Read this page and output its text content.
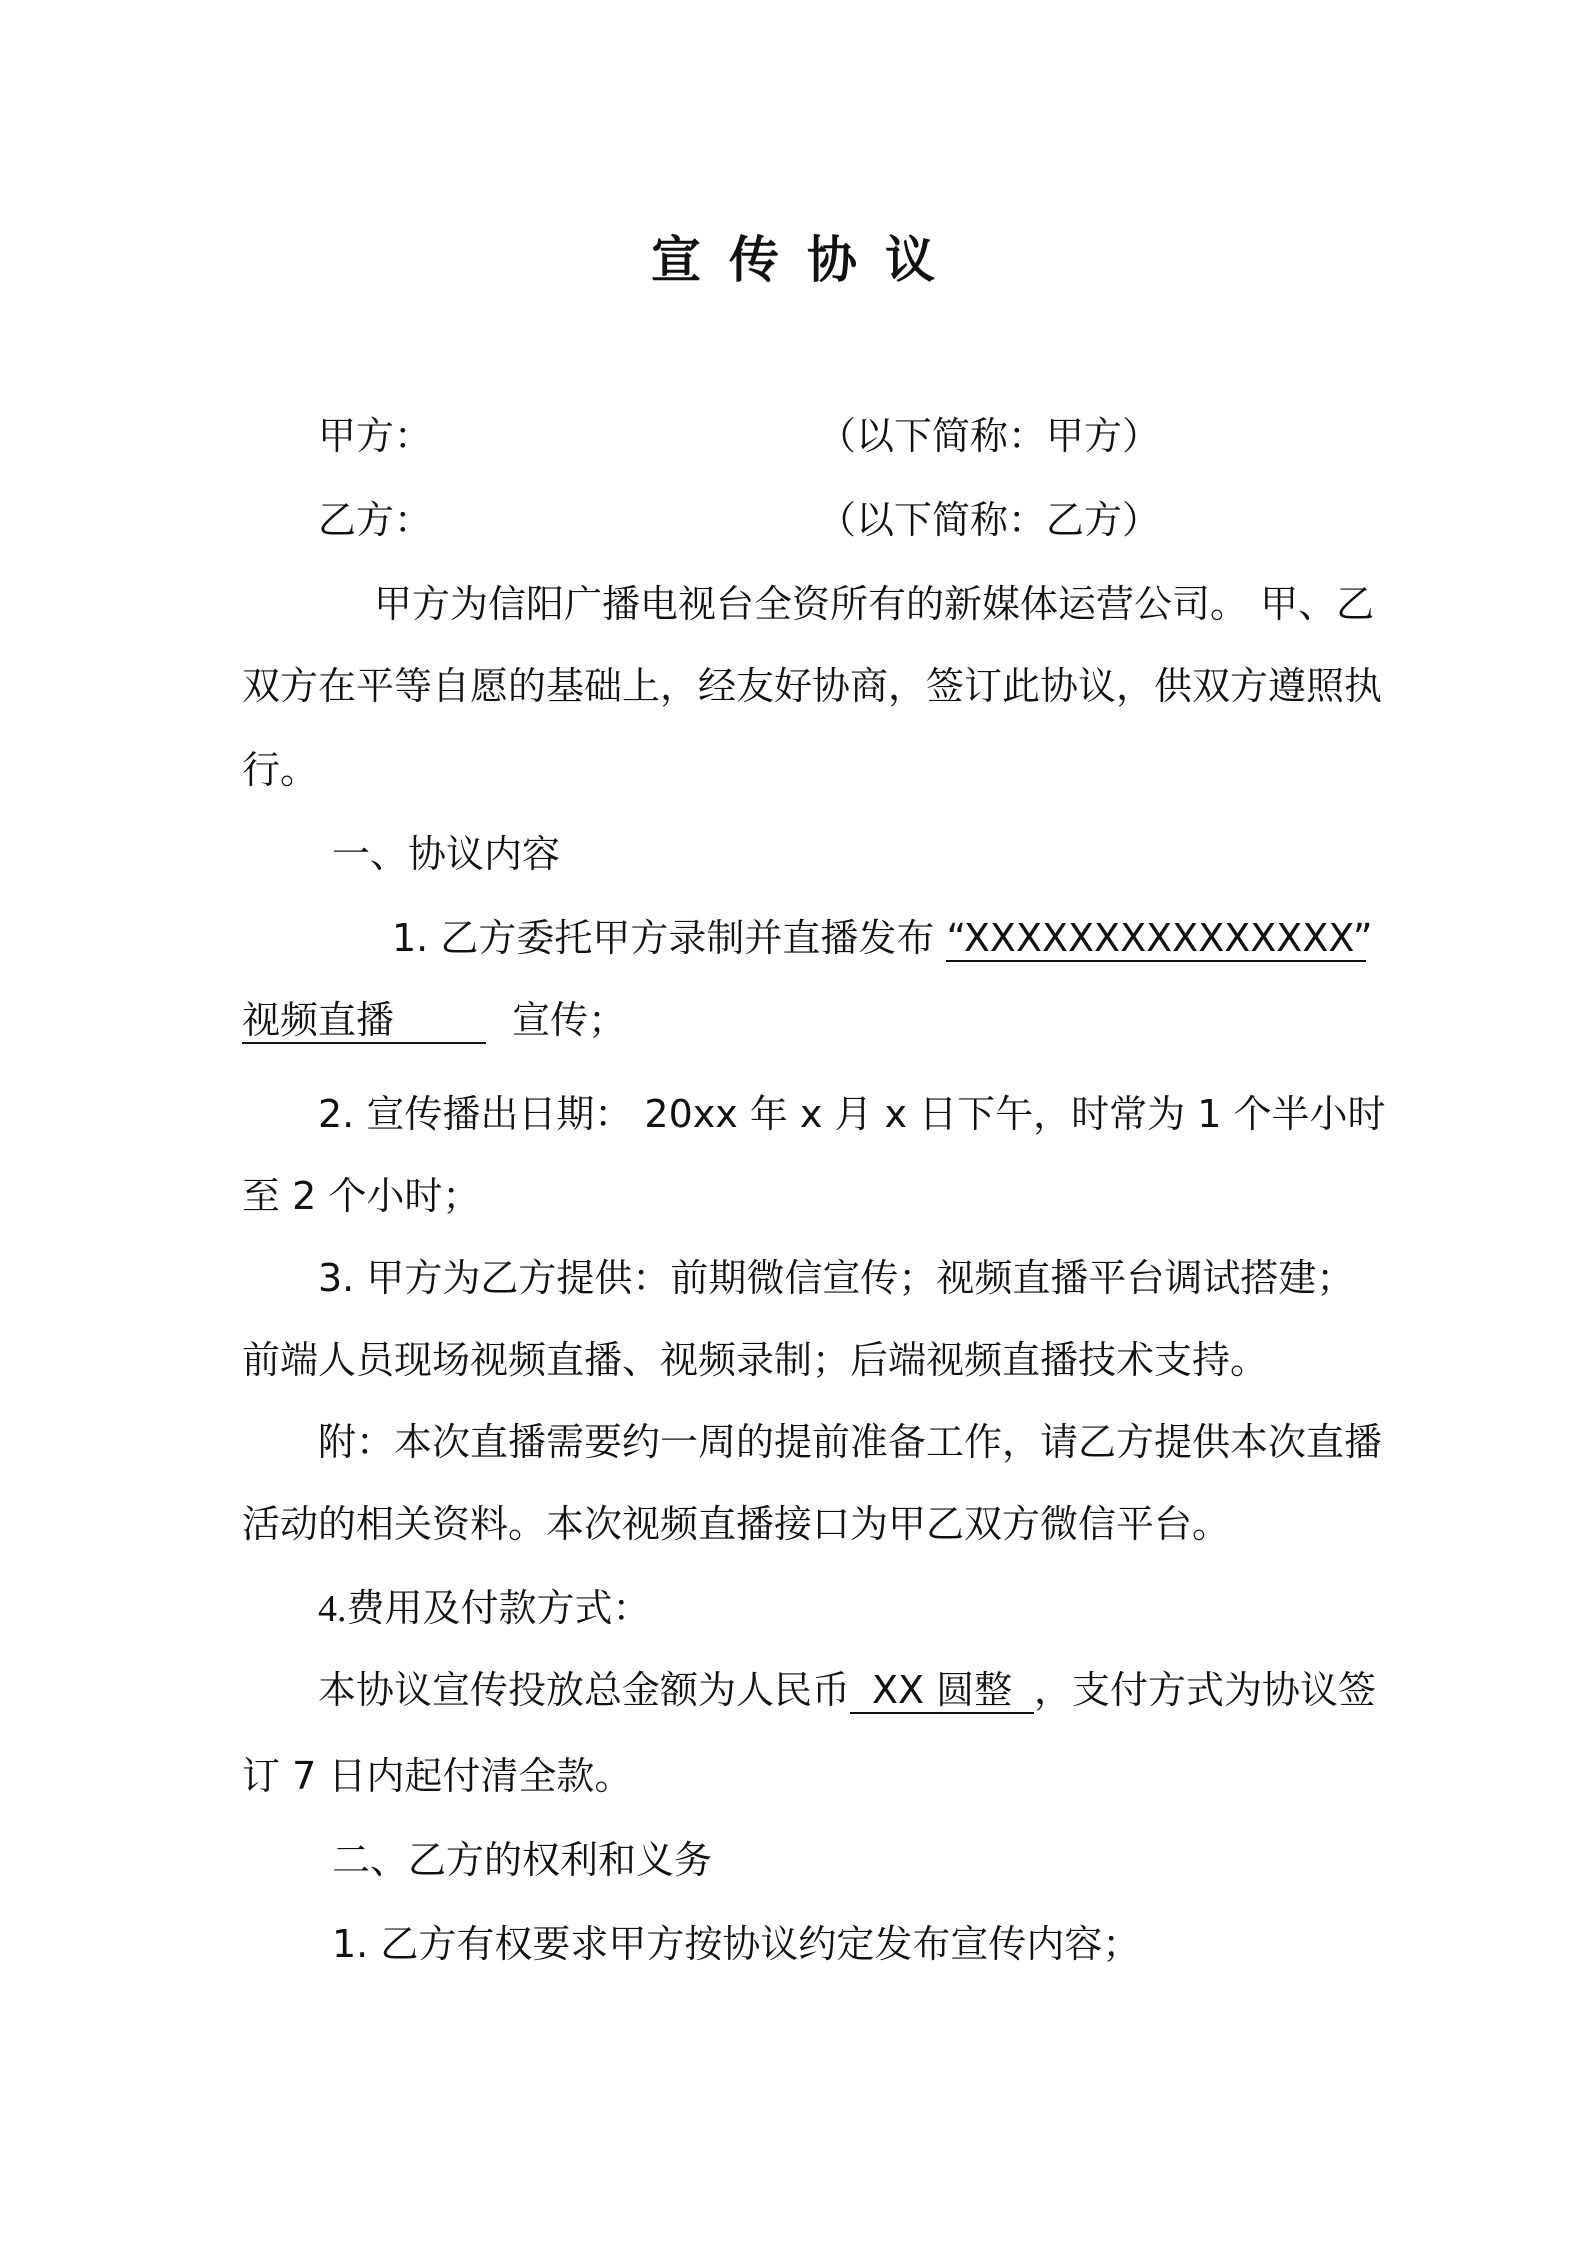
宣传协议
甲方：	（以下简称：甲方）
乙方：	（以下简称：乙方）
甲方为信阳广播电视台全资所有的新媒体运营公司。 甲、乙
双方在平等自愿的基础上，经友好协商，签订此协议，供双方遵照执
行。
一、协议内容
1. 乙方委托甲方录制并直播发布 “XXXXXXXXXXXXXXX”
视频直播	宣传；
2. 宣传播出日期： 20xx 年 x 月 x 日下午，时常为 1 个半小时
至 2 个小时；
3. 甲方为乙方提供：前期微信宣传；视频直播平台调试搭建；
前端人员现场视频直播、视频录制；后端视频直播技术支持。
附：本次直播需要约一周的提前准备工作，请乙方提供本次直播
活动的相关资料。本次视频直播接口为甲乙双方微信平台。
4.费用及付款方式：
本协议宣传投放总金额为人民币 XX 圆整 ，支付方式为协议签
订 7 日内起付清全款。
二、乙方的权利和义务
1. 乙方有权要求甲方按协议约定发布宣传内容；
